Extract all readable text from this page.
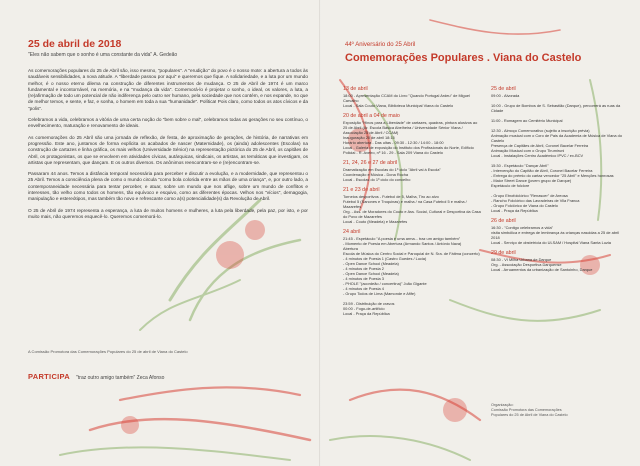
25 de abril de 2018
"Eles não sabem que o sonho é uma constante da vida" A. Gedeão

As comemorações populares do 25 de Abril são, isso mesmo, "populares". A "erudição" do povo é o nosso mote: a abertura a todos às saudáveis sensibilidades, a nova atitude. A "liberdade passou por aqui" e queremos que fique. A solidariedade, e a luta por um mundo melhor, é o nosso eterno dilema na construção de diferentes instrumentos de mudança. O 25 de Abril de 1974 é um marco fundamental e incontornável, na memória, e na "mudança da vida". Comemorá-lo é projetar o sonho, o ideal, os valores, a luta, a (re)afirmação de todo um potencial de não indiferença pelo outro ser humano, pela sociedade que nos contém, e nos expande, no que de melhor temos, e sente, e faz, e sonha, o homem em toda a sua "humanidade". Política! Pois claro, como todos os atos cívicos e da "polis".

Celebramos a vida, celebramos a vitória de uma certa noção do "bem sobre o mal", celebramos todas as gerações no seu contínuo, o envelhecimento, maturação e renovamento de ideais.

As comemorações do 25 Abril são uma jornada de reflexão, de festa, de aproximação de gerações, de história, de narrativas em progressão. Este ano, juntamos de forma explícita os acabados de nascer (Maternidade), os (ainda) adolescentes (Escolas) na construção de cartazes e linha gráfica, os mais velhos (Universidade Sénior) na representação pictórica do 25 de Abril, os capitães de Abril, os protagonistas, os que se envolvem em atividades cívicas, autárquicas, sindicais, os artistas, as temáticas que investigam, os artistas que representam, que dançam. E os outros diversos. Os anônimos reencontram-se e (re)encontram-se.

Passaram 44 anos. Temos a distância temporal necessária para perceber e discutir a evolução, e a modernidade, que representou o 25 Abril. Temos a consciência plena de como o mundo circula "como bola colorida entre as mãos de uma criança", e, por outro lado, a contemporaneidade necessária para tentar perceber, e atuar, sobre um mundo que nos aflige, sobre um mundo de conflitos e interesses, tão velho como todos os homens, tão equívoco e esquivo, como as diferentes épocas. Velhos nos "vícios", demagogia, manipulação e estereótipos, mas também tão novo e refrescante como a(s) potencialidade(s) da Revolução de Abril.

O 25 de Abril de 1974 representa a esperança, a luta de muitos homens e mulheres, a luta pela liberdade, pela paz, por isto, e por muito mais, não queremos esquecê-lo. Queremos comemorá-lo.

A Comissão Promotora das Comemorações Populares do 25 de abril de Viana do Castelo
PARTICIPA "traz outro amigo também" Zeca Afonso
44º Aniversário do 25 Abril
Comemorações Populares . Viana do Castelo
13 de abril
18:00 - Apresentação CCAM do Livro "Quando Portugal Ardeu" de Miguel Carvalho
Local - Sala Couto Viana, Biblioteca Municipal Viana do Castelo
20 de abril a 04 de maio
Exposição "Hinos para a Liberdade" de cartazes, quadras, pintura alusivos ao 25 de Abril (Ar. Escola Básica Abelheira / Universidade Sénior Viana / Associação 25 de Abril / CCAM)
Inauguração 20 de abril 18:15
Horário abertura - Das ultas - 09:30 - 12:30 / 14:00 - 18:00
Local - Galeria de exposição do Instituto dos Profissionais do Norte, Edifício Policial - R. Aveiro, nº 16 - 29 - Sala 209 Viana do Castelo
21, 24, 26 e 27 de abril
Dramatização em Escolas do 1º ciclo "Abril vai à Escola"
Coordenação e Música - Dona Rocha
Local - Escolas do 1º ciclo do concelho
21 e 23 de abril
Torneios desportivos - Futebol de 5, Malha, Tiro ao alvo
Futebol 5 (Sanones e Troquinas) e malha / na Casa Futebol 5 e malha / Mazarefes
Org. - Ass. de Moradores do Couto e Ass. Social, Cultural e Desportiva da Casa do Povo de Mazarefes
Local - Couto (Meadela) e Mazarefes
24 abril
21:45 - Espetáculo "A poesia é uma arma... traz um amigo também"
- Momento de Poesia em Abertura (Armando Santos / António Nava)
Abertura
Escola de Música do Centro Social e Paroquial de N. Sra. de Fátima (concerto)
- 4 minutos de Poesia 1 (Castro Guedes / Lucia)
- Open Dance School (Meadela)
- 4 minutos de Poesia 2
- Open Dance School (Meadela)
- 4 minutos de Poesia 3
- PHOLE "(acordeão / concertina)" João Gigante
- 4 minutos de Poesia 4
- Grupo Todos de Lima (Mamonde e Afife)
23:59 - Distribuição de cravos
00:00 - Fogo-de-artifício
Local - Praça da República
25 de abril
09:00 - Alvorada
10:00 - Grupo de Bombos de S. Sebastião (Darque), percorrerá as ruas da Cidade
11:00 - Romagem ao Cemitério Municipal
12:30 - Almoço Comemorativo (sujeito a inscrição prévia)
Animação musical com o Coro de Pais da Academia de Música de Viana do Castelo
Presença de Capitães de Abril, Coronel Bacelar Ferreira
Animação Musical com o Grupo Tirumiruni
Local - Instalações Centro Académico IPVC / ex-BCV
15:30 - Espetáculo "Dançar Abril"
- Intervenção do Capitão de Abril, Coronel Bacelar Ferreira
- Entrega do prémio do cartaz vencedor "25 Abril" e Menções honrosas
- Maior Street Dance (jovem grupo de Darque)
Espetáculo de folclore
- Grupo Etnofolclórico "Renascer" de Areosa
- Rancho Folclórico das Lavradeiras de Vila Franca
- Grupo Folclórico de Viana do Castelo
Local - Praça da República
26 de abril
16:30 - "Contigo celebramos a vida"
visita simbólica e entrega de lembrança às crianças nascidas a 25 de abril 2018
Local - Serviço de obstetrícia do ULSAM / Hospital Viana Santa Luzia
29 de abril
08:30 - VI Milha Urbana de Darque
Org. - Associação Desportiva Darquense
Local - Arruamentos da urbanização de Santoinho, Darque
Organização:
Comissão Promotora das Comemorações
Populares do 25 de Abril de Viana do Castelo
